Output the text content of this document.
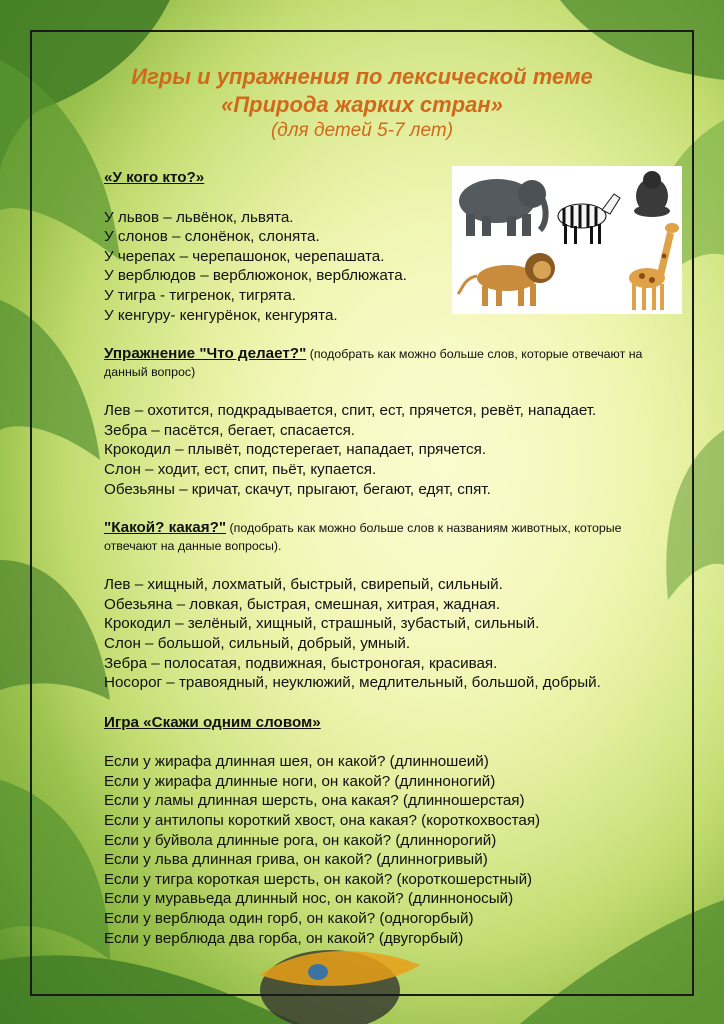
Игры и упражнения по лексической теме
«Природа жарких стран»

(для детей 5-7 лет)

«У кого кто?»

У львов – львёнок, львята.
У слонов – слонёнок, слонята.
У черепах – черепашонок, черепашата.
У верблюдов – верблюжонок, верблюжата.
У тигра - тигренок, тигрята.
У кенгуру- кенгурёнок, кенгурята.

Упражнение "Что делает?" (подобрать как можно больше слов, которые отвечают на данный вопрос)

Лев – охотится, подкрадывается, спит, ест, прячется, ревёт, нападает.
Зебра – пасётся, бегает, спасается.
Крокодил – плывёт, подстерегает, нападает, прячется.
Слон – ходит, ест, спит, пьёт, купается.
Обезьяны – кричат, скачут, прыгают, бегают, едят, спят.

"Какой? какая?" (подобрать как можно больше слов к названиям животных, которые отвечают на данные вопросы).

Лев – хищный, лохматый, быстрый, свирепый, сильный.
Обезьяна – ловкая, быстрая, смешная, хитрая, жадная.
Крокодил – зелёный, хищный, страшный, зубастый, сильный.
Слон – большой, сильный, добрый, умный.
Зебра – полосатая, подвижная, быстроногая, красивая.
Носорог – травоядный, неуклюжий, медлительный, большой, добрый.

Игра «Скажи одним словом»

Если у жирафа длинная шея, он какой? (длинношеий)
Если у жирафа длинные ноги, он какой? (длинноногий)
Если у ламы длинная шерсть, она какая? (длинношерстая)
Если у антилопы короткий хвост, она какая? (короткохвостая)
Если у буйвола длинные рога, он какой? (длиннорогий)
Если у льва длинная грива, он какой? (длинногривый)
Если у тигра короткая шерсть, он какой? (короткошерстный)
Если у муравьеда длинный нос, он какой? (длинноносый)
Если у верблюда один горб, он какой? (одногорбый)
Если у верблюда два горба, он какой? (двугорбый)
